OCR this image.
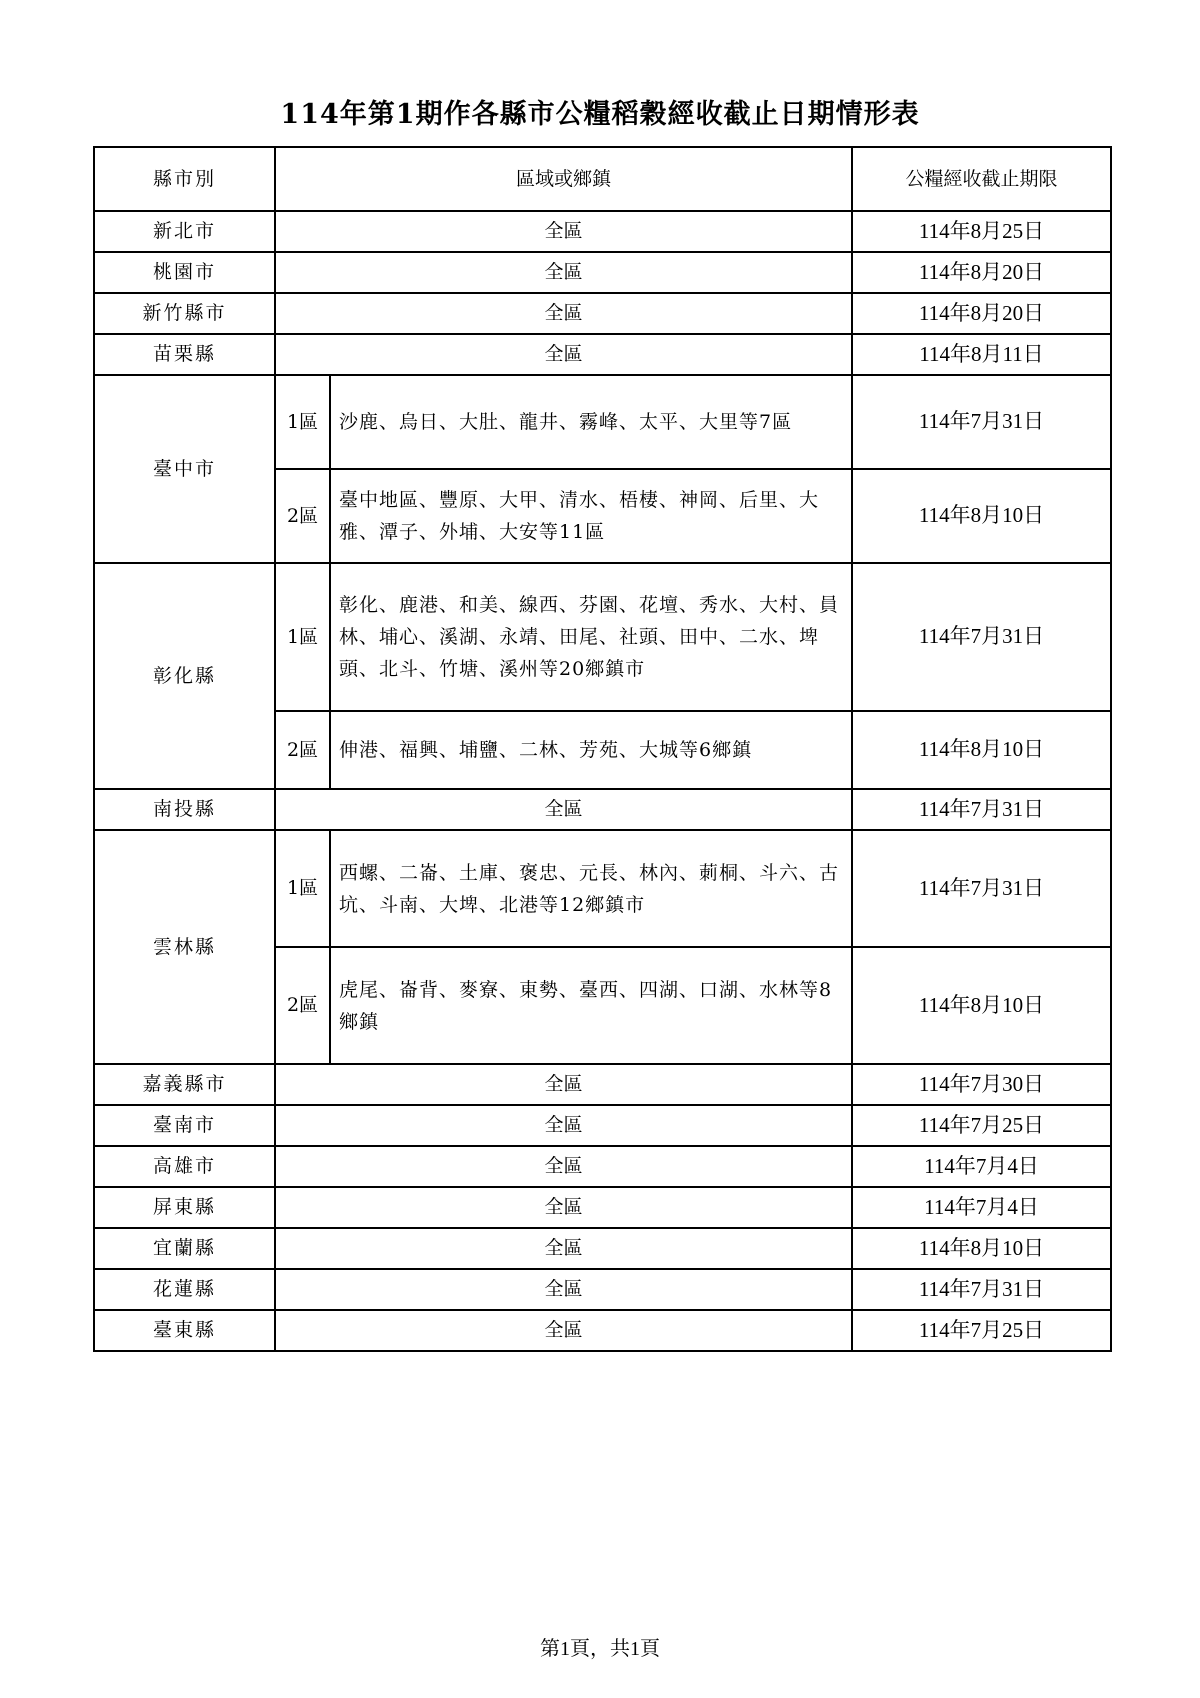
114年第1期作各縣市公糧稻穀經收截止日期情形表
縣市別	區域或鄉鎮		公糧經收截止期限
新北市	全區		114年8月25日
桃園市	全區		114年8月20日
新竹縣市	全區		114年8月20日
苗栗縣	全區		114年8月11日
臺中市	1區	沙鹿、烏日、大肚、龍井、霧峰、太平、大里等7區	114年7月31日
	2區	臺中地區、豐原、大甲、清水、梧棲、神岡、后里、大雅、潭子、外埔、大安等11區	114年8月10日
彰化縣	1區	彰化、鹿港、和美、線西、芬園、花壇、秀水、大村、員林、埔心、溪湖、永靖、田尾、社頭、田中、二水、埤頭、北斗、竹塘、溪州等20鄉鎮市	114年7月31日
	2區	伸港、福興、埔鹽、二林、芳苑、大城等6鄉鎮	114年8月10日
南投縣	全區		114年7月31日
雲林縣	1區	西螺、二崙、土庫、褒忠、元長、林內、莿桐、斗六、古坑、斗南、大埤、北港等12鄉鎮市	114年7月31日
	2區	虎尾、崙背、麥寮、東勢、臺西、四湖、口湖、水林等8鄉鎮	114年8月10日
嘉義縣市	全區		114年7月30日
臺南市	全區		114年7月25日
高雄市	全區		114年7月4日
屏東縣	全區		114年7月4日
宜蘭縣	全區		114年8月10日
花蓮縣	全區		114年7月31日
臺東縣	全區		114年7月25日
第1頁，共1頁
